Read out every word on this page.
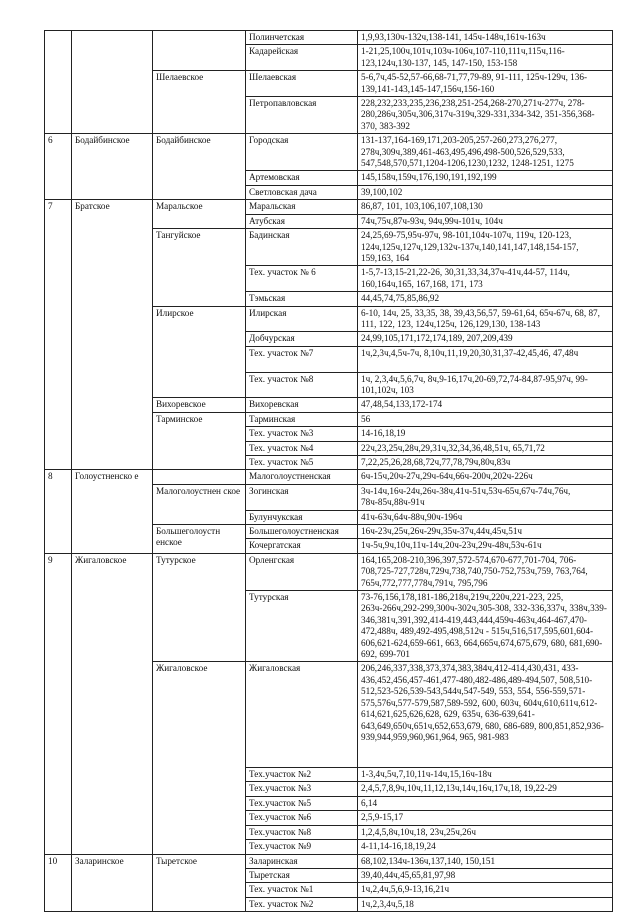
			Полинчетская	1,9,93,130ч-132ч,138-141, 145ч-148ч,161ч-163ч
			Кадарейская	1-21,25,100ч,101ч,103ч-106ч,107-110,111ч,115ч,116-123,124ч,130-137, 145, 147-150, 153-158
		Шелаевское	Шелаевская	5-6,7ч,45-52,57-66,68-71,77,79-89, 91-111, 125ч-129ч, 136-139,141-143,145-147,156ч,156-160
			Петропавловская	228,232,233,235,236,238,251-254,268-270,271ч-277ч, 278-280,286ч,305ч,306,317ч-319ч,329-331,334-342, 351-356,368-370, 383-392
6	Бодайбинское	Бодайбинское	Городская	131-137,164-169,171,203-205,257-260,273,276,277, 278ч,309ч,389,461-463,495,496,498-500,526,529,533, 547,548,570,571,1204-1206,1230,1232, 1248-1251, 1275
			Артемовская	145,158ч,159ч,176,190,191,192,199
			Светловская дача	39,100,102
7	Братское	Маральское	Маральская	86,87, 101, 103,106,107,108,130
			Атубская	74ч,75ч,87ч-93ч, 94ч,99ч-101ч, 104ч
		Тангуйское	Бадинская	24,25,69-75,95ч-97ч, 98-101,104ч-107ч, 119ч, 120-123, 124ч,125ч,127ч,129,132ч-137ч,140,141,147,148,154-157, 159,163, 164
			Тех. участок № 6	1-5,7-13,15-21,22-26, 30,31,33,34,37ч-41ч,44-57, 114ч, 160,164ч,165, 167,168, 171, 173
			Тэмьская	44,45,74,75,85,86,92
		Илирское	Илирская	6-10, 14ч, 25, 33,35, 38, 39,43,56,57, 59-61,64, 65ч-67ч, 68, 87, 111, 122, 123, 124ч,125ч, 126,129,130, 138-143
			Добчурская	24,99,105,171,172,174,189, 207,209,439
			Тех. участок №7	1ч,2,3ч,4,5ч-7ч, 8,10ч,11,19,20,30,31,37-42,45,46, 47,48ч
			Тех. участок №8	1ч, 2,3,4ч,5,6,7ч, 8ч,9-16,17ч,20-69,72,74-84,87-95,97ч, 99-101,102ч, 103
		Вихоревское	Вихоревская	47,48,54,133,172-174
		Тарминское	Тарминская	56
			Тех. участок №3	14-16,18,19
			Тех. участок №4	22ч,23,25ч,28ч,29,31ч,32,34,36,48,51ч, 65,71,72
			Тех. участок №5	7,22,25,26,28,68,72ч,77,78,79ч,80ч,83ч
8	Голоустненско е		Малоголоустненская	6ч-15ч,20ч-27ч,29ч-64ч,66ч-200ч,202ч-226ч
		Малоголоустнен ское	Зогинская	3ч-14ч,16ч-24ч,26ч-38ч,41ч-51ч,53ч-65ч,67ч-74ч,76ч, 78ч-85ч,88ч-91ч
			Булунчукская	41ч-63ч,64ч-88ч,90ч-196ч
		Большеголоустн енское	Большеголоустненская	16ч-23ч,25ч,26ч-29ч,35ч-37ч,44ч,45ч,51ч
			Кочергатская	1ч-5ч,9ч,10ч,11ч-14ч,20ч-23ч,29ч-48ч,53ч-61ч
9	Жигаловское	Тутурское	Орленгская	164,165,208-210,396,397,572-574,670-677,701-704, 706-708,725-727,728ч,729ч,738,740,750-752,753ч,759, 763,764, 765ч,772,777,778ч,791ч, 795,796
			Тутурская	73-76,156,178,181-186,218ч,219ч,220ч,221-223, 225, 263ч-266ч,292-299,300ч-302ч,305-308, 332-336,337ч, 338ч,339-346,381ч,391,392,414-419,443,444,459ч-463ч,464-467,470-472,488ч, 489,492-495,498,512ч - 515ч,516,517,595,601,604-606,621-624,659-661, 663, 664,665ч,674,675,679, 680, 681,690-692, 699-701
		Жигаловское	Жигаловская	206,246,337,338,373,374,383,384ч,412-414,430,431, 433-436,452,456,457-461,477-480,482-486,489-494,507, 508,510-512,523-526,539-543,544ч,547-549, 553, 554, 556-559,571-575,576ч,577-579,587,589-592, 600, 603ч, 604ч,610,611ч,612-614,621,625,626,628, 629, 635ч, 636-639,641-643,649,650ч,651ч,652,653,679, 680, 686-689, 800,851,852,936-939,944,959,960,961,964, 965, 981-983
			Тех.участок №2	1-3,4ч,5ч,7,10,11ч-14ч,15,16ч-18ч
			Тех.участок №3	2,4,5,7,8,9ч,10ч,11,12,13ч,14ч,16ч,17ч,18, 19,22-29
			Тех.участок №5	6,14
			Тех.участок №6	2,5,9-15,17
			Тех.участок №8	1,2,4,5,8ч,10ч,18, 23ч,25ч,26ч
			Тех.участок №9	4-11,14-16,18,19,24
10	Заларинское	Тыретское	Заларинская	68,102,134ч-136ч,137,140, 150,151
			Тыретская	39,40,44ч,45,65,81,97,98
			Тех. участок №1	1ч,2,4ч,5,6,9-13,16,21ч
			Тех. участок №2	1ч,2,3,4ч,5,18
